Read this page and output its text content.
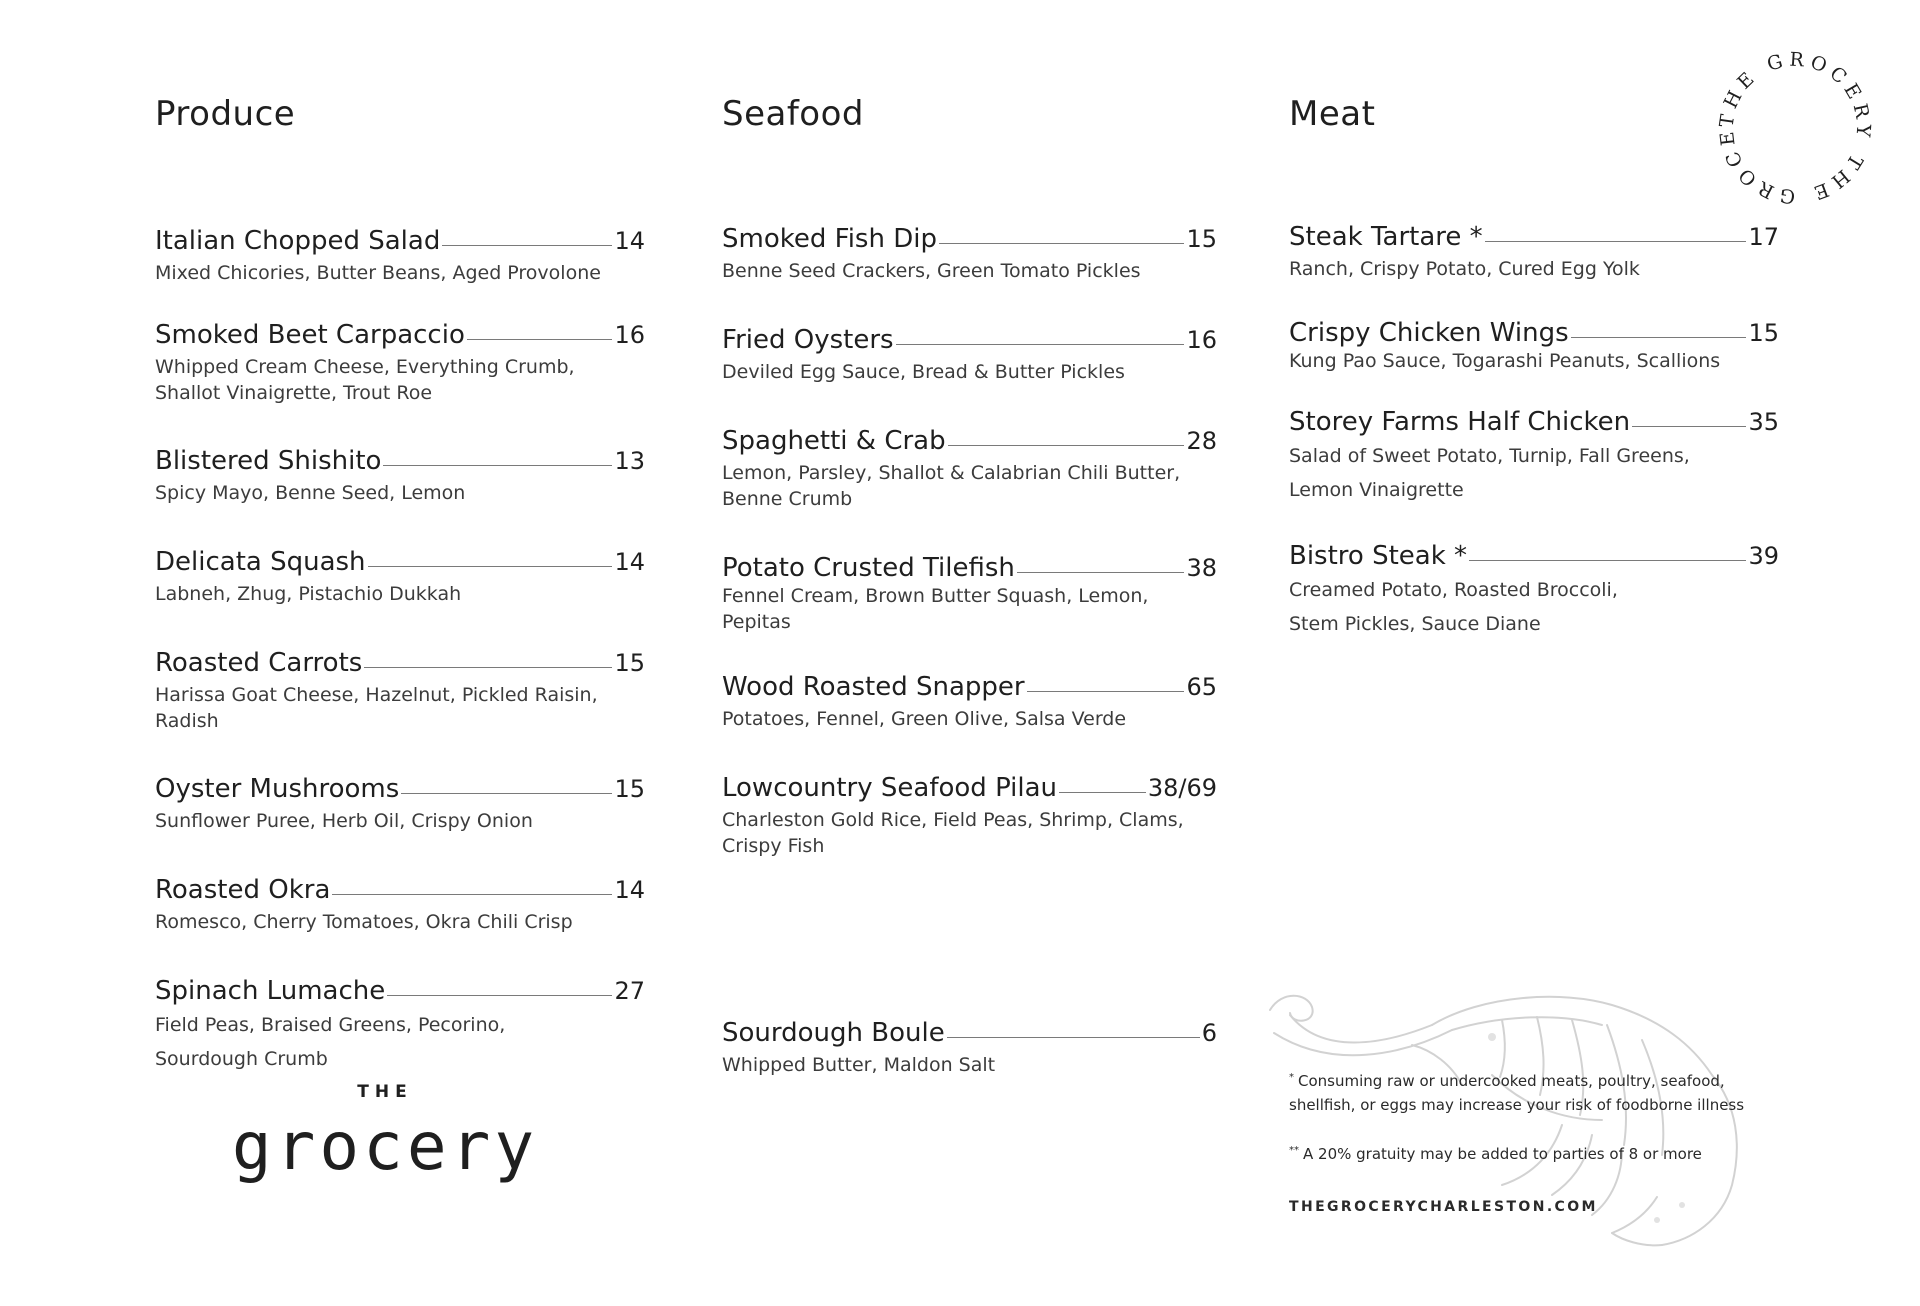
THE GROCERY THE GROCE
Produce
Italian Chopped Salad	14
Mixed Chicories, Butter Beans, Aged Provolone
Smoked Beet Carpaccio	16
Whipped Cream Cheese, Everything Crumb,
Shallot Vinaigrette, Trout Roe
Blistered Shishito	13
Spicy Mayo, Benne Seed, Lemon
Delicata Squash	14
Labneh, Zhug, Pistachio Dukkah
Roasted Carrots	15
Harissa Goat Cheese, Hazelnut, Pickled Raisin,
Radish
Oyster Mushrooms	15
Sunflower Puree, Herb Oil, Crispy Onion
Roasted Okra	14
Romesco, Cherry Tomatoes, Okra Chili Crisp
Spinach Lumache	27
Field Peas, Braised Greens, Pecorino,
Sourdough Crumb
Seafood
Smoked Fish Dip	15
Benne Seed Crackers, Green Tomato Pickles
Fried Oysters	16
Deviled Egg Sauce, Bread & Butter Pickles
Spaghetti & Crab	28
Lemon, Parsley, Shallot & Calabrian Chili Butter,
Benne Crumb
Potato Crusted Tilefish	38
Fennel Cream, Brown Butter Squash, Lemon,
Pepitas
Wood Roasted Snapper	65
Potatoes, Fennel, Green Olive, Salsa Verde
Lowcountry Seafood Pilau	38/69
Charleston Gold Rice, Field Peas, Shrimp, Clams,
Crispy Fish
Sourdough Boule	6
Whipped Butter, Maldon Salt
Meat
Steak Tartare *	17
Ranch, Crispy Potato, Cured Egg Yolk
Crispy Chicken Wings	15
Kung Pao Sauce, Togarashi Peanuts, Scallions
Storey Farms Half Chicken	35
Salad of Sweet Potato, Turnip, Fall Greens,
Lemon Vinaigrette
Bistro Steak *	39
Creamed Potato, Roasted Broccoli,
Stem Pickles, Sauce Diane
THE
grocery
* Consuming raw or undercooked meats, poultry, seafood, shellfish, or eggs may increase your risk of foodborne illness
** A 20% gratuity may be added to parties of 8 or more
THEGROCERYCHARLESTON.COM
